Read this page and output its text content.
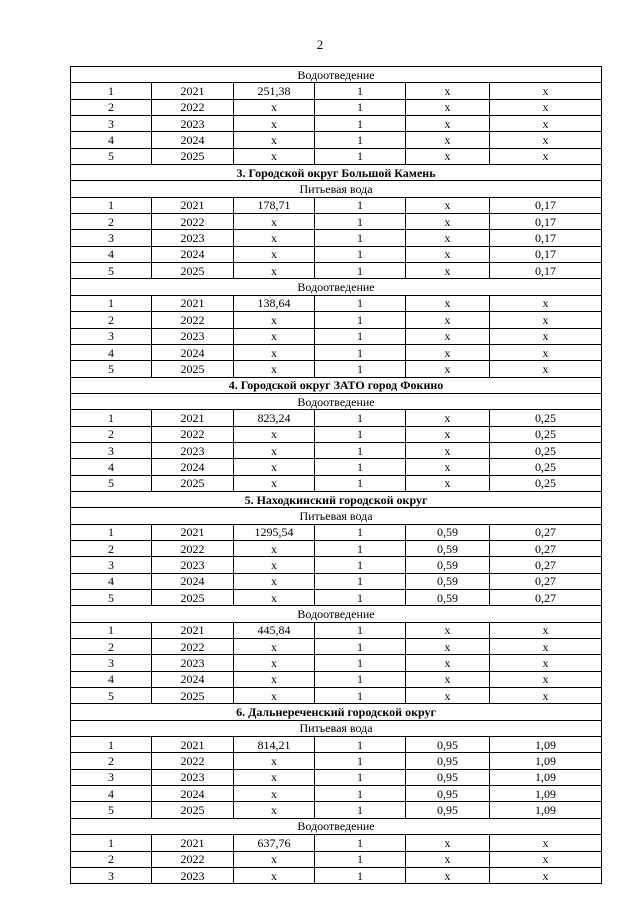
2
Водоотведение					
1	2021	251,38	1	x	x
2	2022	x	1	x	x
3	2023	x	1	x	x
4	2024	x	1	x	x
5	2025	x	1	x	x
3. Городской округ Большой Камень					
Питьевая вода					
1	2021	178,71	1	x	0,17
2	2022	x	1	x	0,17
3	2023	x	1	x	0,17
4	2024	x	1	x	0,17
5	2025	x	1	x	0,17
Водоотведение					
1	2021	138,64	1	x	x
2	2022	x	1	x	x
3	2023	x	1	x	x
4	2024	x	1	x	x
5	2025	x	1	x	x
4. Городской округ ЗАТО город Фокино					
Водоотведение					
1	2021	823,24	1	x	0,25
2	2022	x	1	x	0,25
3	2023	x	1	x	0,25
4	2024	x	1	x	0,25
5	2025	x	1	x	0,25
5. Находкинский городской округ					
Питьевая вода					
1	2021	1295,54	1	0,59	0,27
2	2022	x	1	0,59	0,27
3	2023	x	1	0,59	0,27
4	2024	x	1	0,59	0,27
5	2025	x	1	0,59	0,27
Водоотведение					
1	2021	445,84	1	x	x
2	2022	x	1	x	x
3	2023	x	1	x	x
4	2024	x	1	x	x
5	2025	x	1	x	x
6. Дальнереченский городской округ					
Питьевая вода					
1	2021	814,21	1	0,95	1,09
2	2022	x	1	0,95	1,09
3	2023	x	1	0,95	1,09
4	2024	x	1	0,95	1,09
5	2025	x	1	0,95	1,09
Водоотведение					
1	2021	637,76	1	x	x
2	2022	x	1	x	x
3	2023	x	1	x	x
